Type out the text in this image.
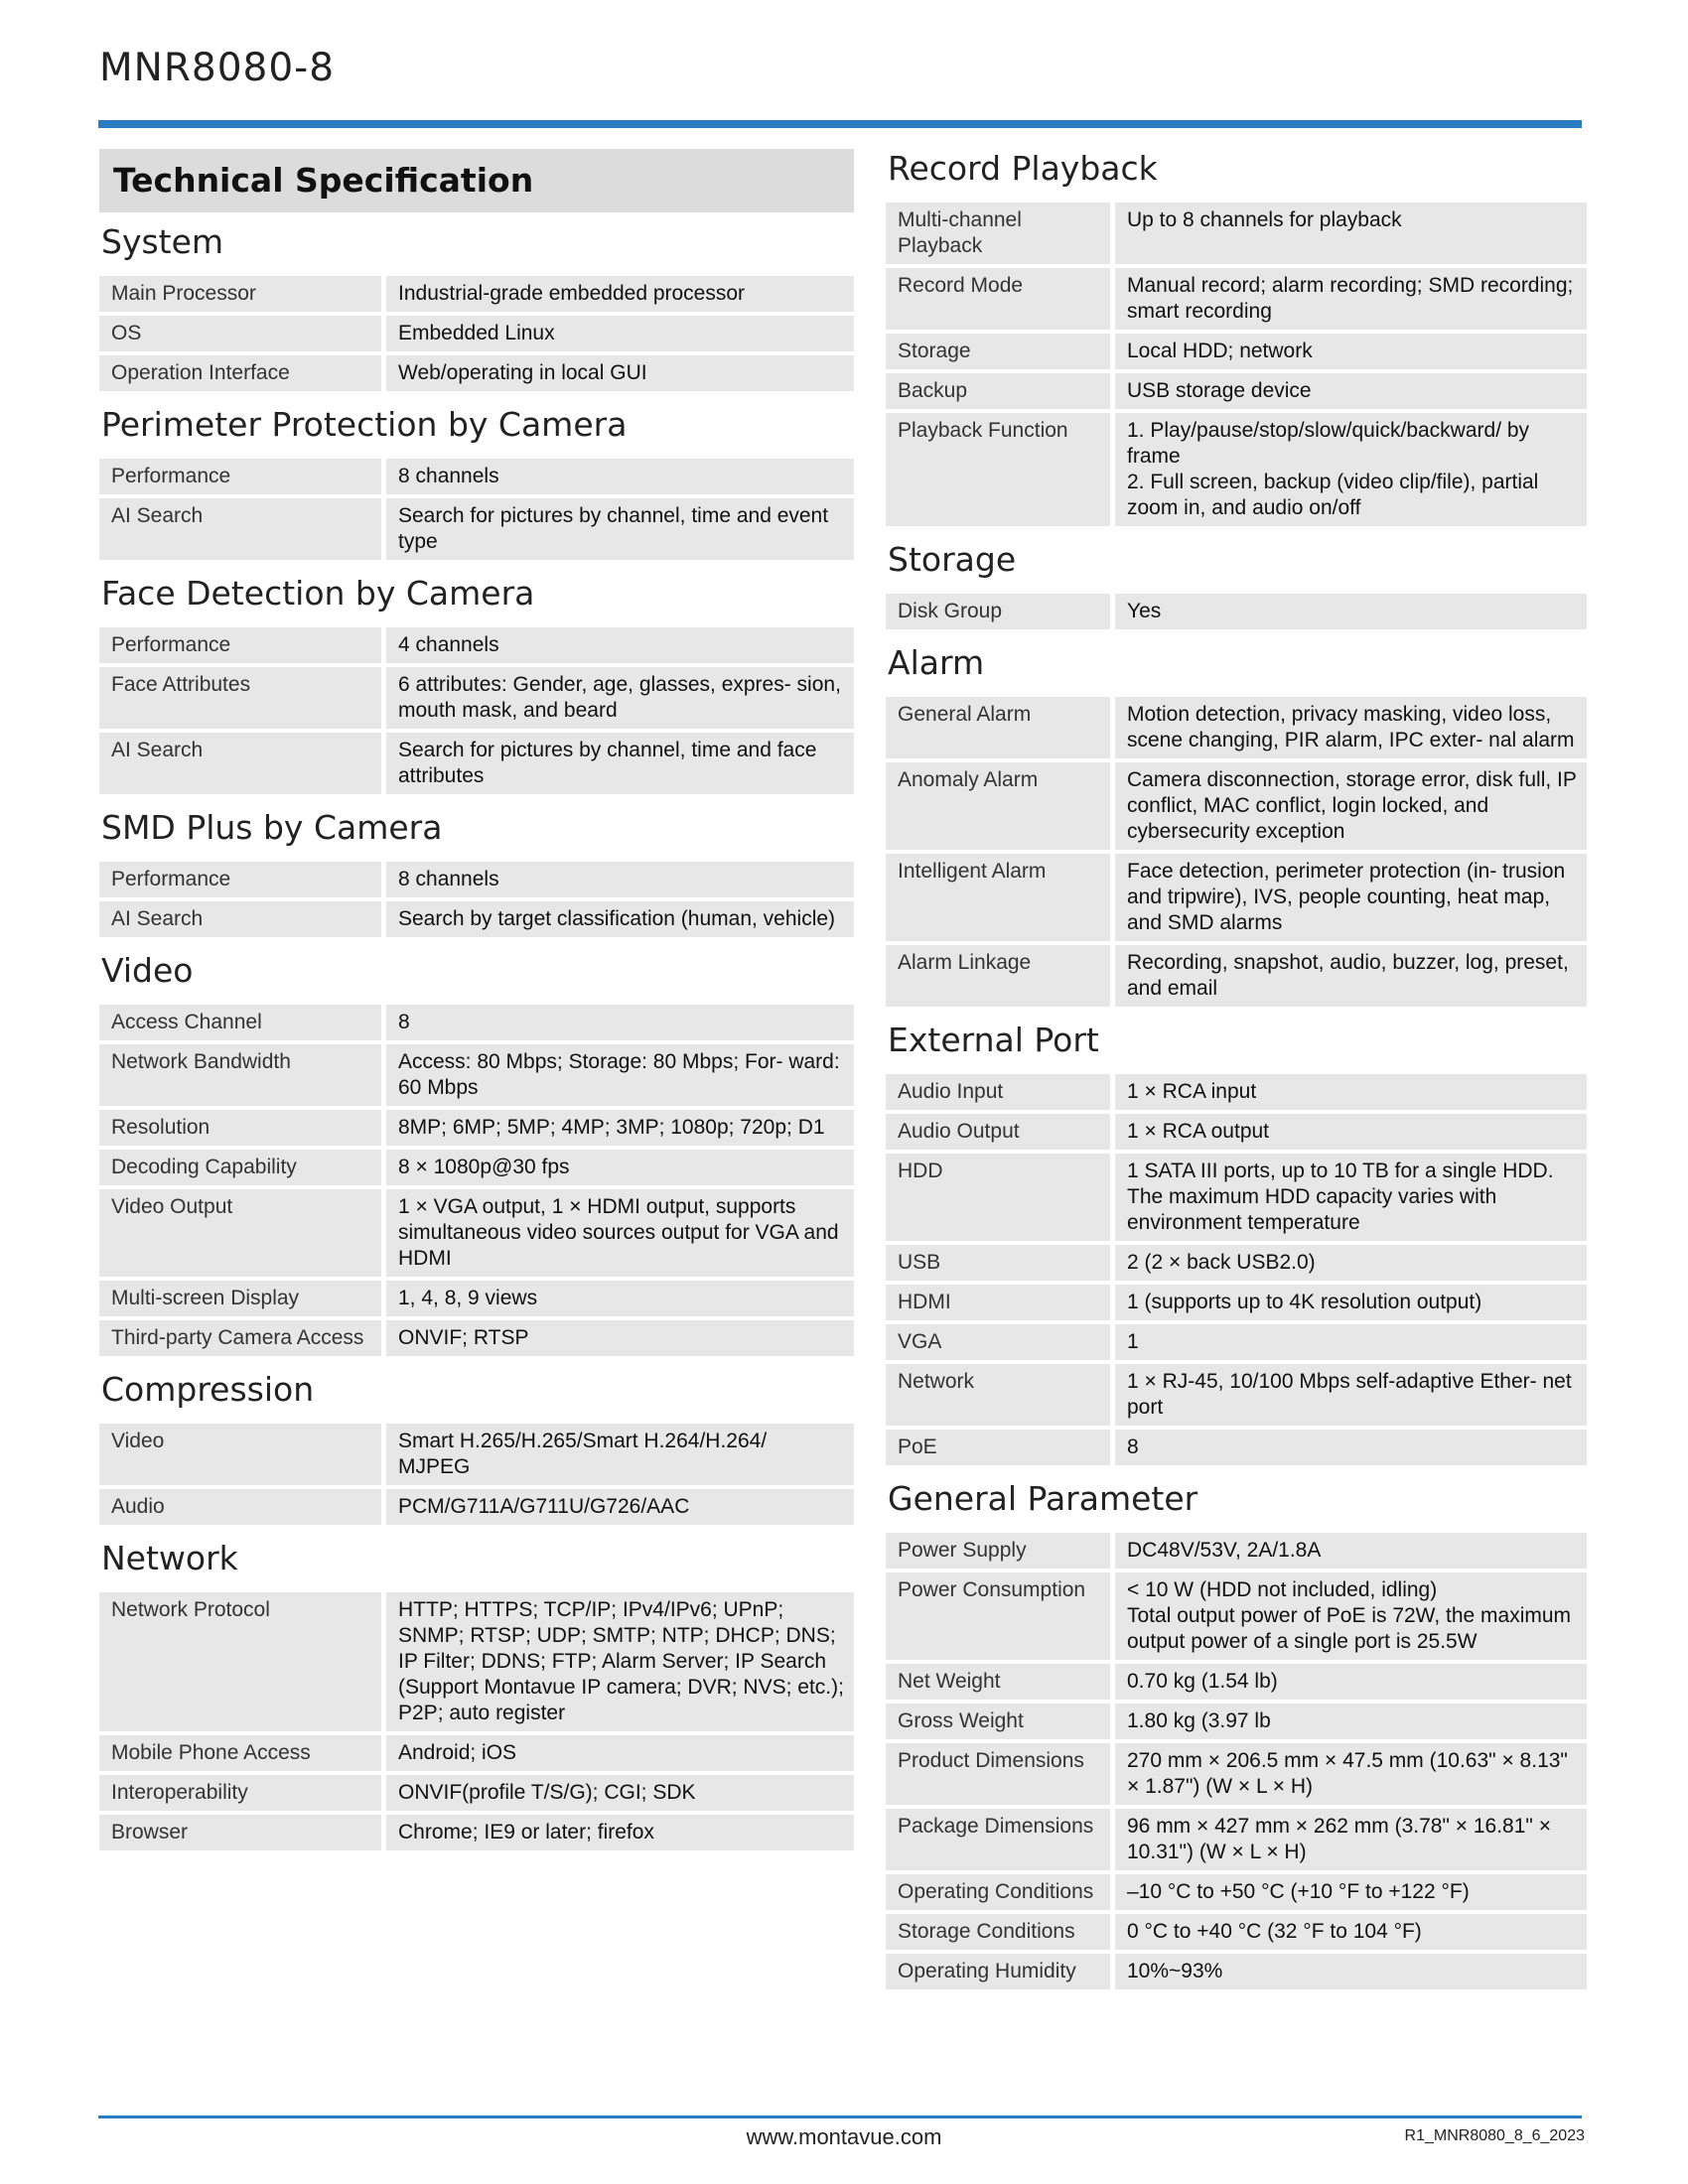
MNR8080-8
Technical Specification
System
Main Processor	Industrial-grade embedded processor
OS	Embedded Linux
Operation Interface	Web/operating in local GUI
Perimeter Protection by Camera
Performance	8 channels
AI Search	Search for pictures by channel, time and event type
Face Detection by Camera
Performance	4 channels
Face Attributes	6 attributes: Gender, age, glasses, expres- sion, mouth mask, and beard
AI Search	Search for pictures by channel, time and face attributes
SMD Plus by Camera
Performance	8 channels
AI Search	Search by target classification (human, vehicle)
Video
Access Channel	8
Network Bandwidth	Access: 80 Mbps; Storage: 80 Mbps; For- ward: 60 Mbps
Resolution	8MP; 6MP; 5MP; 4MP; 3MP; 1080p; 720p; D1
Decoding Capability	8 × 1080p@30 fps
Video Output	1 × VGA output, 1 × HDMI output, supports simultaneous video sources output for VGA and HDMI
Multi-screen Display	1, 4, 8, 9 views
Third-party Camera Access	ONVIF; RTSP
Compression
Video	Smart H.265/H.265/Smart H.264/H.264/ MJPEG
Audio	PCM/G711A/G711U/G726/AAC
Network
Network Protocol	HTTP; HTTPS; TCP/IP; IPv4/IPv6; UPnP; SNMP; RTSP; UDP; SMTP; NTP; DHCP; DNS; IP Filter; DDNS; FTP; Alarm Server; IP Search (Support Montavue IP camera; DVR; NVS; etc.); P2P; auto register
Mobile Phone Access	Android; iOS
Interoperability	ONVIF(profile T/S/G); CGI; SDK
Browser	Chrome; IE9 or later; firefox
Record Playback
Multi-channel Playback	Up to 8 channels for playback
Record Mode	Manual record; alarm recording; SMD recording; smart recording
Storage	Local HDD; network
Backup	USB storage device
Playback Function	1. Play/pause/stop/slow/quick/backward/ by frame
2. Full screen, backup (video clip/file), partial zoom in, and audio on/off
Storage
Disk Group	Yes
Alarm
General Alarm	Motion detection, privacy masking, video loss, scene changing, PIR alarm, IPC exter- nal alarm
Anomaly Alarm	Camera disconnection, storage error, disk full, IP conflict, MAC conflict, login locked, and cybersecurity exception
Intelligent Alarm	Face detection, perimeter protection (in- trusion and tripwire), IVS, people counting, heat map, and SMD alarms
Alarm Linkage	Recording, snapshot, audio, buzzer, log, preset, and email
External Port
Audio Input	1 × RCA input
Audio Output	1 × RCA output
HDD	1 SATA III ports, up to 10 TB for a single HDD. The maximum HDD capacity varies with environment temperature
USB	2 (2 × back USB2.0)
HDMI	1 (supports up to 4K resolution output)
VGA	1
Network	1 × RJ-45, 10/100 Mbps self-adaptive Ether- net port
PoE	8
General Parameter
Power Supply	DC48V/53V, 2A/1.8A
Power Consumption	< 10 W (HDD not included, idling)
Total output power of PoE is 72W, the maximum output power of a single port is 25.5W
Net Weight	0.70 kg (1.54 lb)
Gross Weight	1.80 kg (3.97 lb
Product Dimensions	270 mm × 206.5 mm × 47.5 mm (10.63" × 8.13" × 1.87") (W × L × H)
Package Dimensions	96 mm × 427 mm × 262 mm (3.78" × 16.81" × 10.31") (W × L × H)
Operating Conditions	–10 °C to +50 °C (+10 °F to +122 °F)
Storage Conditions	0 °C to +40 °C (32 °F to 104 °F)
Operating Humidity	10%~93%
www.montavue.com	R1_MNR8080_8_6_2023
